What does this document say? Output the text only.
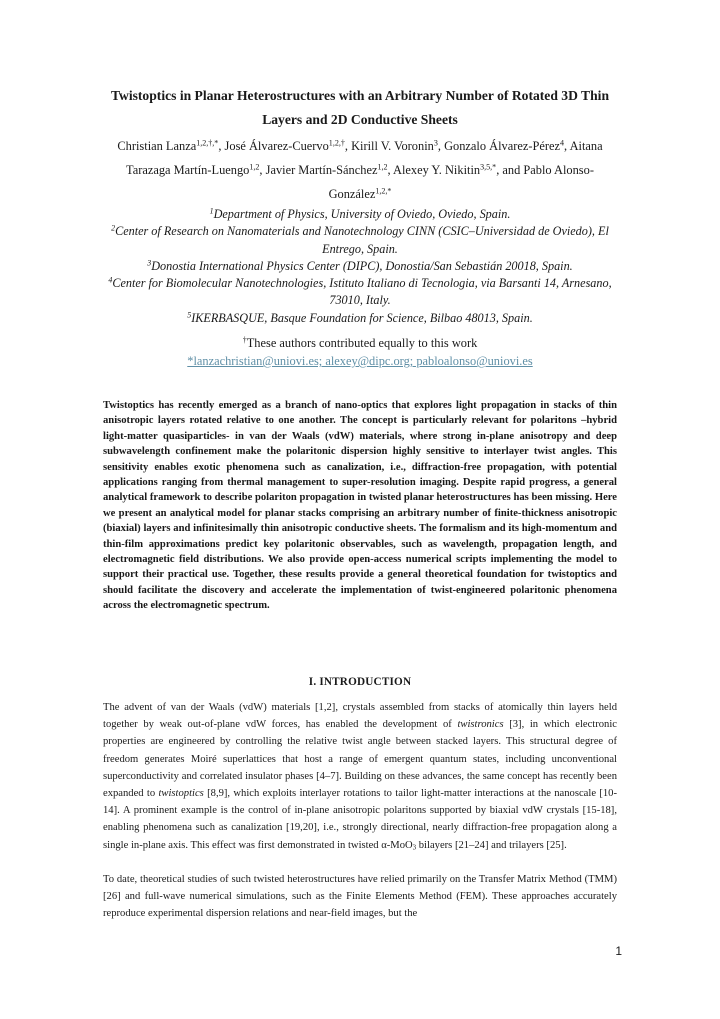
Twistoptics in Planar Heterostructures with an Arbitrary Number of Rotated 3D Thin Layers and 2D Conductive Sheets

Christian Lanza$^{1,2,\dagger,*}$, José Álvarez-Cuervo$^{1,2,\dagger}$, Kirill V. Voronin$^3$, Gonzalo Álvarez-Pérez$^4$, Aitana Tarazaga Martín-Luengo$^{1,2}$, Javier Martín-Sánchez$^{1,2}$, Alexey Y. Nikitin$^{3,5,*}$, and Pablo Alonso-González$^{1,2,*}$

$^1$Department of Physics, University of Oviedo, Oviedo, Spain.

$^2$Center of Research on Nanomaterials and Nanotechnology CINN (CSIC–Universidad de Oviedo), El Entrego, Spain.

$^3$Donostia International Physics Center (DIPC), Donostia/San Sebastián 20018, Spain.

$^4$Center for Biomolecular Nanotechnologies, Istituto Italiano di Tecnologia, via Barsanti 14, Arnesano, 73010, Italy.

$^5$IKERBASQUE, Basque Foundation for Science, Bilbao 48013, Spain.

†These authors contributed equally to this work

*lanzachristian@uniovi.es; alexey@dipc.org; pabloalonso@uniovi.es

Twistoptics has recently emerged as a branch of nano-optics that explores light propagation in stacks of thin anisotropic layers rotated relative to one another. The concept is particularly relevant for polaritons –hybrid light-matter quasiparticles- in van der Waals (vdW) materials, where strong in-plane anisotropy and deep subwavelength confinement make the polaritonic dispersion highly sensitive to interlayer twist angles. This sensitivity enables exotic phenomena such as canalization, i.e., diffraction-free propagation, with potential applications ranging from thermal management to super-resolution imaging. Despite rapid progress, a general analytical framework to describe polariton propagation in twisted planar heterostructures has been missing. Here we present an analytical model for planar stacks comprising an arbitrary number of finite-thickness anisotropic (biaxial) layers and infinitesimally thin anisotropic conductive sheets. The formalism and its high-momentum and thin-film approximations predict key polaritonic observables, such as wavelength, propagation length, and electromagnetic field distributions. We also provide open-access numerical scripts implementing the model to support their practical use. Together, these results provide a general theoretical foundation for twistoptics and should facilitate the discovery and accelerate the implementation of twist-engineered polaritonic phenomena across the electromagnetic spectrum.

I. INTRODUCTION

The advent of van der Waals (vdW) materials [1,2], crystals assembled from stacks of atomically thin layers held together by weak out-of-plane vdW forces, has enabled the development of twistronics [3], in which electronic properties are engineered by controlling the relative twist angle between stacked layers. This structural degree of freedom generates Moiré superlattices that host a range of emergent quantum states, including unconventional superconductivity and correlated insulator phases [4–7]. Building on these advances, the same concept has recently been expanded to twistoptics [8,9], which exploits interlayer rotations to tailor light-matter interactions at the nanoscale [10-14]. A prominent example is the control of in-plane anisotropic polaritons supported by biaxial vdW crystals [15-18], enabling phenomena such as canalization [19,20], i.e., strongly directional, nearly diffraction-free propagation along a single in-plane axis. This effect was first demonstrated in twisted α-MoO$_3$ bilayers [21–24] and trilayers [25].

To date, theoretical studies of such twisted heterostructures have relied primarily on the Transfer Matrix Method (TMM) [26] and full-wave numerical simulations, such as the Finite Elements Method (FEM). These approaches accurately reproduce experimental dispersion relations and near-field images, but the

1
